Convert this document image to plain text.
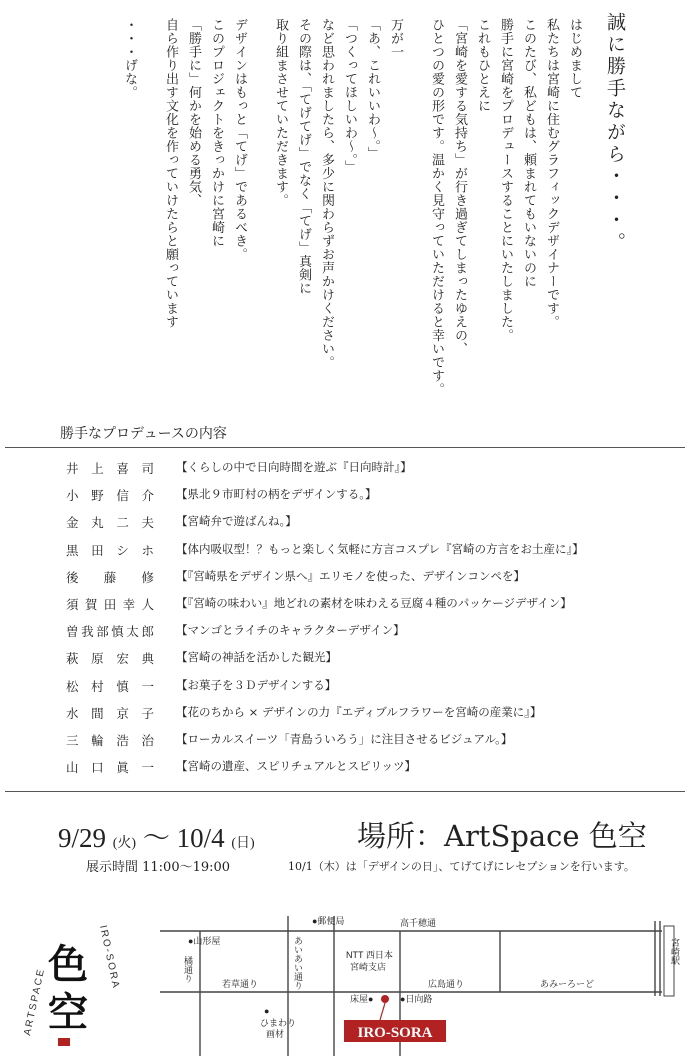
誠に勝手ながら・・・。
はじめまして
私たちは宮崎に住むグラフィックデザイナーです。
このたび、私どもは、頼まれてもいないのに
勝手に宮崎をプロデュースすることにいたしました。
これもひとえに
「宮崎を愛する気持ち」が行き過ぎてしまったゆえの、
ひとつの愛の形です。温かく見守っていただけると幸いです。
万が一
「あ、これいいわ〜。」
「つくってほしいわ〜。」
など思われましたら、多少に関わらずお声かけください。
その際は、「てげてげ」でなく「てげ」真剣に
取り組まさせていただきます。
デザインはもっと「てげ」であるべき。
このプロジェクトをきっかけに宮崎に
「勝手に」何かを始める勇気、
自ら作り出す文化を作っていけたらと願っています
・・・げな。
勝手なプロデュースの内容
井 上 喜 司 【くらしの中で日向時間を遊ぶ『日向時計』】
小 野 信 介 【県北９市町村の柄をデザインする。】
金 丸 二 夫 【宮崎弁で遊ばんね。】
黒 田 シ ホ 【体内吸収型！？もっと楽しく気軽に方言コスプレ『宮崎の方言をお土産に』】
後 藤 修 【『宮崎県をデザイン県へ』エリモノを使った、デザインコンペを】
須 賀 田 幸 人 【『宮崎の味わい』地どれの素材を味わえる豆腐４種のパッケージデザイン】
曽 我 部 慎 太 郎 【マンゴとライチのキャラクターデザイン】
萩 原 宏 典 【宮崎の神話を活かした観光】
松 村 慎 一 【お菓子を３Ｄデザインする】
水 間 京 子 【花のちから × デザインの力『エディブルフラワーを宮崎の産業に』】
三 輪 浩 治 【ローカルスイーツ「青島ういろう」に注目させるビジュアル。】
山 口 眞 一 【宮崎の遺産、スピリチュアルとスピリッツ】
9/29 (火) 〜 10/4 (日)	場所：ArtSpace 色空
展示時間 11:00〜19:00	10/1（木）は「デザインの日」、てげてげにレセプションを行います。
色
空
ARTSPACE
IRO-SORA
●郵便局	高千穂通
●山形屋
橘通り	あいあい通り	NTT 西日本
宮崎支店
宮崎駅
若草通り	広島通り	あみーろーど
●
ひまわり
画材
床屋●	●日向路
IRO-SORA
